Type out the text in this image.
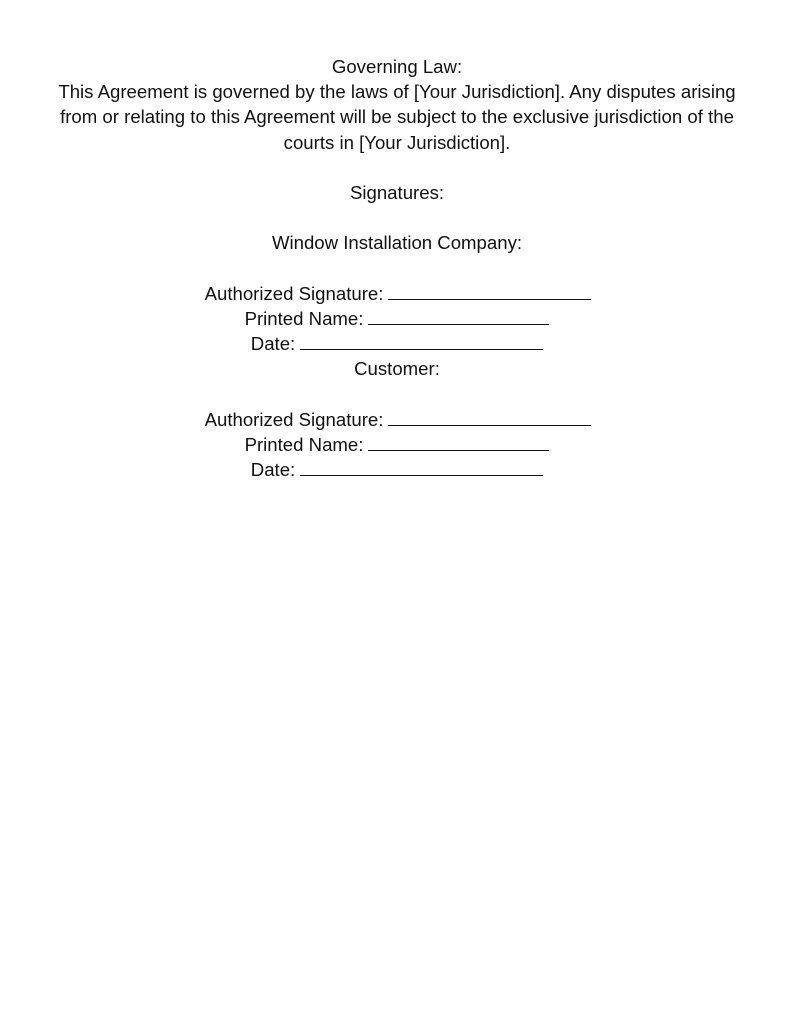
Governing Law:
This Agreement is governed by the laws of [Your Jurisdiction]. Any disputes arising
from or relating to this Agreement will be subject to the exclusive jurisdiction of the
courts in [Your Jurisdiction].
Signatures:
Window Installation Company:
Authorized Signature:
Printed Name:
Date:
Customer:
Authorized Signature:
Printed Name:
Date:
